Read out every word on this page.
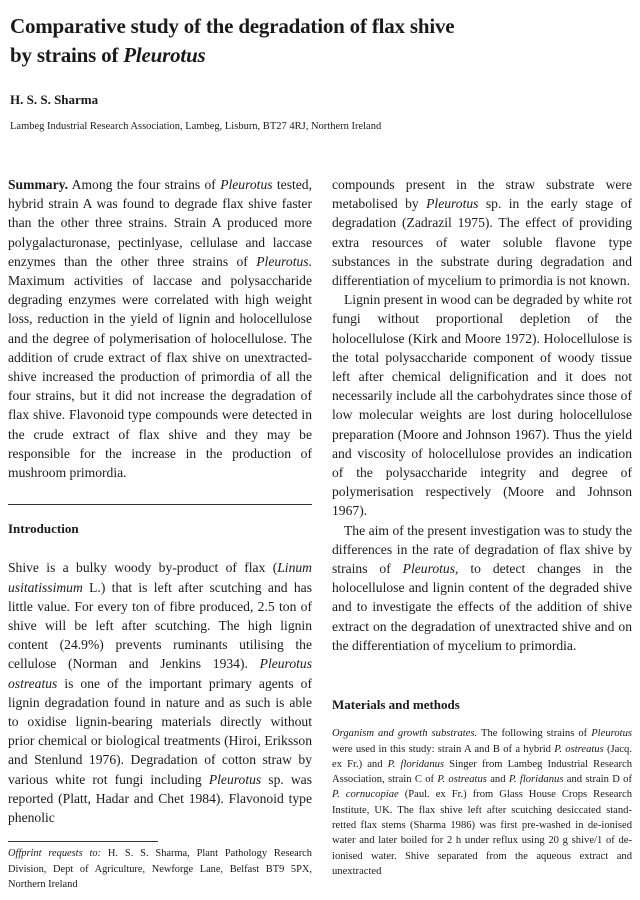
Comparative study of the degradation of flax shive
by strains of Pleurotus
H. S. S. Sharma
Lambeg Industrial Research Association, Lambeg, Lisburn, BT27 4RJ, Northern Ireland

Summary. Among the four strains of Pleurotus tested, hybrid strain A was found to degrade flax shive faster than the other three strains. Strain A produced more polygalacturonase, pectinlyase, cellulase and laccase enzymes than the other three strains of Pleurotus. Maximum activities of laccase and polysaccharide degrading enzymes were correlated with high weight loss, reduction in the yield of lignin and holocellulose and the degree of polymerisation of holocellulose. The addition of crude extract of flax shive on unextracted-shive increased the production of primordia of all the four strains, but it did not increase the degradation of flax shive. Flavonoid type compounds were detected in the crude extract of flax shive and they may be responsible for the increase in the production of mushroom primordia.

Introduction

Shive is a bulky woody by-product of flax (Linum usitatissimum L.) that is left after scutching and has little value. For every ton of fibre produced, 2.5 ton of shive will be left after scutching. The high lignin content (24.9%) prevents ruminants utilising the cellulose (Norman and Jenkins 1934). Pleurotus ostreatus is one of the important primary agents of lignin degradation found in nature and as such is able to oxidise lignin-bearing materials directly without prior chemical or biological treatments (Hiroi, Eriksson and Stenlund 1976). Degradation of cotton straw by various white rot fungi including Pleurotus sp. was reported (Platt, Hadar and Chet 1984). Flavonoid type phenolic

Offprint requests to: H. S. S. Sharma, Plant Pathology Research Division, Dept of Agriculture, Newforge Lane, Belfast BT9 5PX, Northern Ireland

compounds present in the straw substrate were metabolised by Pleurotus sp. in the early stage of degradation (Zadrazil 1975). The effect of providing extra resources of water soluble flavone type substances in the substrate during degradation and differentiation of mycelium to primordia is not known.

Lignin present in wood can be degraded by white rot fungi without proportional depletion of the holocellulose (Kirk and Moore 1972). Holocellulose is the total polysaccharide component of woody tissue left after chemical delignification and it does not necessarily include all the carbohydrates since those of low molecular weights are lost during holocellulose preparation (Moore and Johnson 1967). Thus the yield and viscosity of holocellulose provides an indication of the polysaccharide integrity and degree of polymerisation respectively (Moore and Johnson 1967).

The aim of the present investigation was to study the differences in the rate of degradation of flax shive by strains of Pleurotus, to detect changes in the holocellulose and lignin content of the degraded shive and to investigate the effects of the addition of shive extract on the degradation of unextracted shive and on the differentiation of mycelium to primordia.

Materials and methods

Organism and growth substrates. The following strains of Pleurotus were used in this study: strain A and B of a hybrid P. ostreatus (Jacq. ex Fr.) and P. floridanus Singer from Lambeg Industrial Research Association, strain C of P. ostreatus and P. floridanus and strain D of P. cornucopiae (Paul. ex Fr.) from Glass House Crops Research Institute, UK. The flax shive left after scutching desiccated stand-retted flax stems (Sharma 1986) was first pre-washed in de-ionised water and later boiled for 2 h under reflux using 20 g shive/1 of de-ionised water. Shive separated from the aqueous extract and unextracted
